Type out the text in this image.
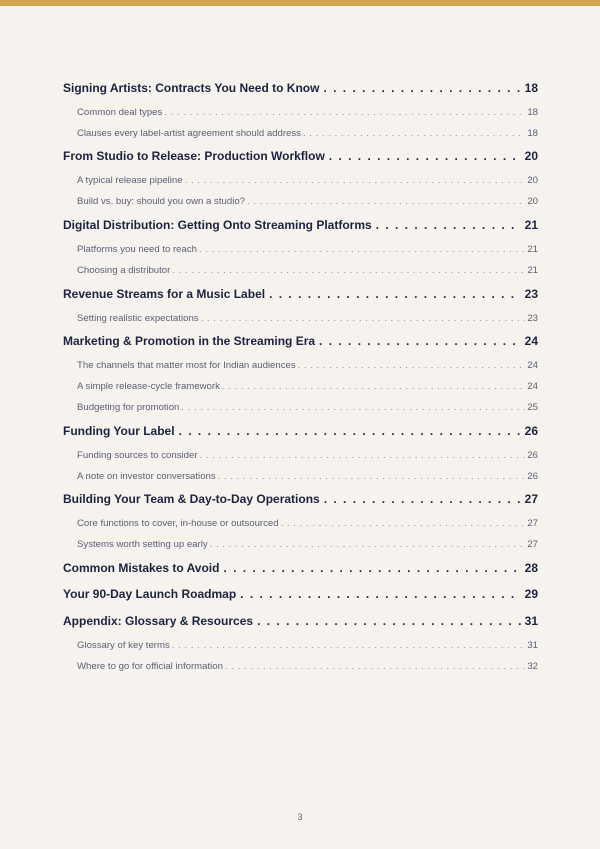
Signing Artists: Contracts You Need to Know . . .	18
Common deal types . . .	18
Clauses every label-artist agreement should address . . .	18
From Studio to Release: Production Workflow . . .	20
A typical release pipeline . . .	20
Build vs. buy: should you own a studio? . . .	20
Digital Distribution: Getting Onto Streaming Platforms . . .	21
Platforms you need to reach . . .	21
Choosing a distributor . . .	21
Revenue Streams for a Music Label . . .	23
Setting realistic expectations . . .	23
Marketing & Promotion in the Streaming Era . . .	24
The channels that matter most for Indian audiences . . .	24
A simple release-cycle framework . . .	24
Budgeting for promotion . . .	25
Funding Your Label . . .	26
Funding sources to consider . . .	26
A note on investor conversations . . .	26
Building Your Team & Day-to-Day Operations . . .	27
Core functions to cover, in-house or outsourced . . .	27
Systems worth setting up early . . .	27
Common Mistakes to Avoid . . .	28
Your 90-Day Launch Roadmap . . .	29
Appendix: Glossary & Resources . . .	31
Glossary of key terms . . .	31
Where to go for official information . . .	32
3
